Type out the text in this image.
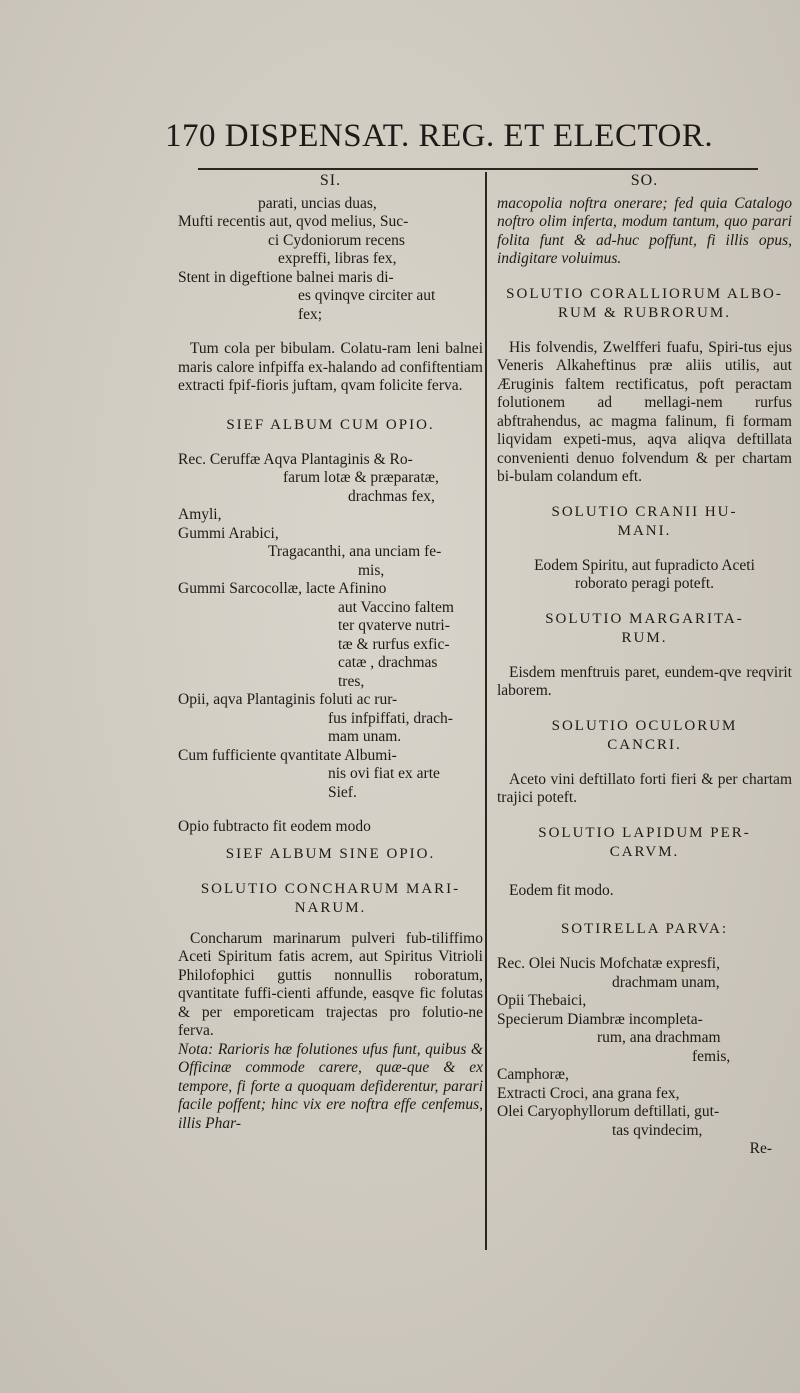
170 DISPENSAT. REG. ET ELECTOR.
SI.
parati, uncias duas,
Mufti recentis aut, qvod melius, Suc-
ci Cydoniorum recens
expreffi, libras fex,
Stent in digeftione balnei maris di-
es qvinqve circiter aut
fex;

Tum cola per bibulam. Colatu-ram leni balnei maris calore infpiffa ex-halando ad confiftentiam extracti fpif-fioris juftam, qvam folicite ferva.

SIEF ALBUM CUM OPIO.
Rec. Ceruffæ Aqva Plantaginis & Ro-
farum lotæ & præparatæ,
drachmas fex,
Amyli,
Gummi Arabici,
Tragacanthi, ana unciam fe-
mis,
Gummi Sarcocollæ, lacte Afinino
aut Vaccino faltem
ter qvaterve nutri-
tæ & rurfus exfic-
catæ , drachmas
tres,
Opii, aqva Plantaginis foluti ac rur-
fus infpiffati, drach-
mam unam.
Cum fufficiente qvantitate Albumi-
nis ovi fiat ex arte
Sief.
Opio fubtracto fit eodem modo
SIEF ALBUM SINE OPIO.
SOLUTIO CONCHARUM MARI-
NARUM.

Concharum marinarum pulveri fub-tiliffimo Aceti Spiritum fatis acrem, aut Spiritus Vitrioli Philofophici guttis nonnullis roboratum, qvantitate fuffi-cienti affunde, easqve fic folutas & per emporeticam trajectas pro folutio-ne ferva.

Nota: Rarioris hæ folutiones ufus funt, quibus & Officinæ commode carere, quæ-que & ex tempore, fi forte a quoquam defiderentur, parari facile poffent; hinc vix ere noftra effe cenfemus, illis Phar-

SO.

macopolia noftra onerare; fed quia Catalogo noftro olim inferta, modum tantum, quo parari folita funt & ad-huc poffunt, fi illis opus, indigitare voluimus.

SOLUTIO CORALLIORUM ALBO-
RUM & RUBRORUM.

His folvendis, Zwelfferi fuafu, Spiri-tus ejus Veneris Alkaheftinus præ aliis utilis, aut Æruginis faltem rectificatus, poft peractam folutionem ad mellagi-nem rurfus abftrahendus, ac magma falinum, fi formam liqvidam expeti-mus, aqva aliqva deftillata convenienti denuo folvendum & per chartam bi-bulam colandum eft.

SOLUTIO CRANII HU-
MANI.
Eodem Spiritu, aut fupradicto Aceti
roborato peragi poteft.
SOLUTIO MARGARITA-
RUM.

Eisdem menftruis paret, eundem-qve reqvirit laborem.

SOLUTIO OCULORUM
CANCRI.

Aceto vini deftillato forti fieri & per chartam trajici poteft.

SOLUTIO LAPIDUM PER-
CARVM.
Eodem fit modo.
SOTIRELLA PARVA:
Rec. Olei Nucis Mofchatæ expresfi,
drachmam unam,
Opii Thebaici,
Specierum Diambræ incompleta-
rum, ana drachmam
femis,
Camphoræ,
Extracti Croci, ana grana fex,
Olei Caryophyllorum deftillati, gut-
tas qvindecim,
Re-
